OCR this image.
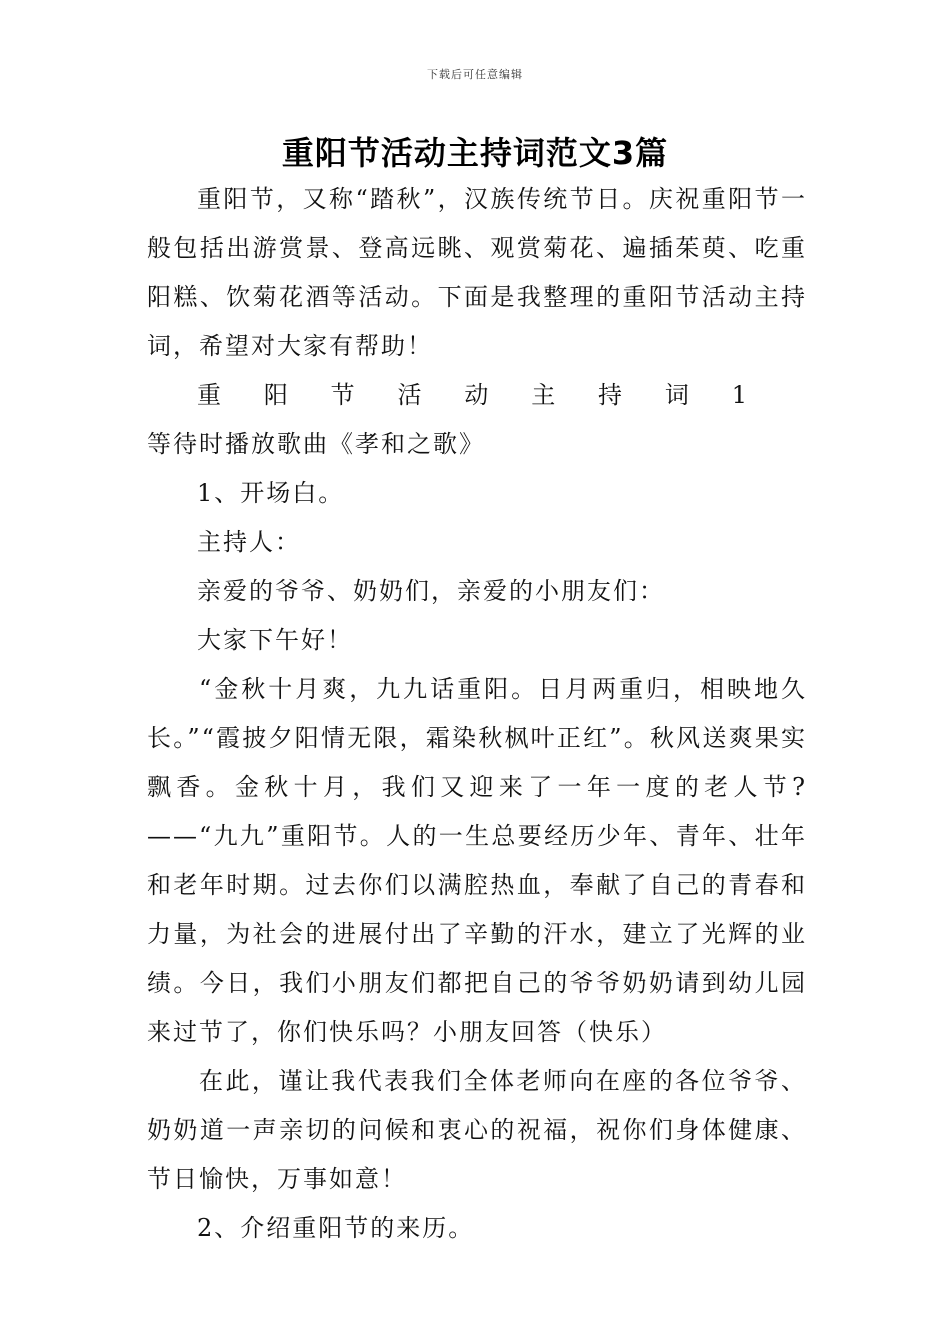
下载后可任意编辑
重阳节活动主持词范文3篇

重阳节，又称“踏秋”，汉族传统节日。庆祝重阳节一般包括出游赏景、登高远眺、观赏菊花、遍插茱萸、吃重阳糕、饮菊花酒等活动。下面是我整理的重阳节活动主持词，希望对大家有帮助！

重阳节活动主持词1等待时播放歌曲《孝和之歌》

1、开场白。

主持人：

亲爱的爷爷、奶奶们，亲爱的小朋友们：

大家下午好！

“金秋十月爽，九九话重阳。日月两重归，相映地久长。”“霞披夕阳情无限，霜染秋枫叶正红”。秋风送爽果实飘香。金秋十月，我们又迎来了一年一度的老人节?——“九九”重阳节。人的一生总要经历少年、青年、壮年和老年时期。过去你们以满腔热血，奉献了自己的青春和力量，为社会的进展付出了辛勤的汗水，建立了光辉的业绩。今日，我们小朋友们都把自己的爷爷奶奶请到幼儿园来过节了，你们快乐吗？小朋友回答（快乐）

在此，谨让我代表我们全体老师向在座的各位爷爷、奶奶道一声亲切的问候和衷心的祝福，祝你们身体健康、节日愉快，万事如意！

2、介绍重阳节的来历。
